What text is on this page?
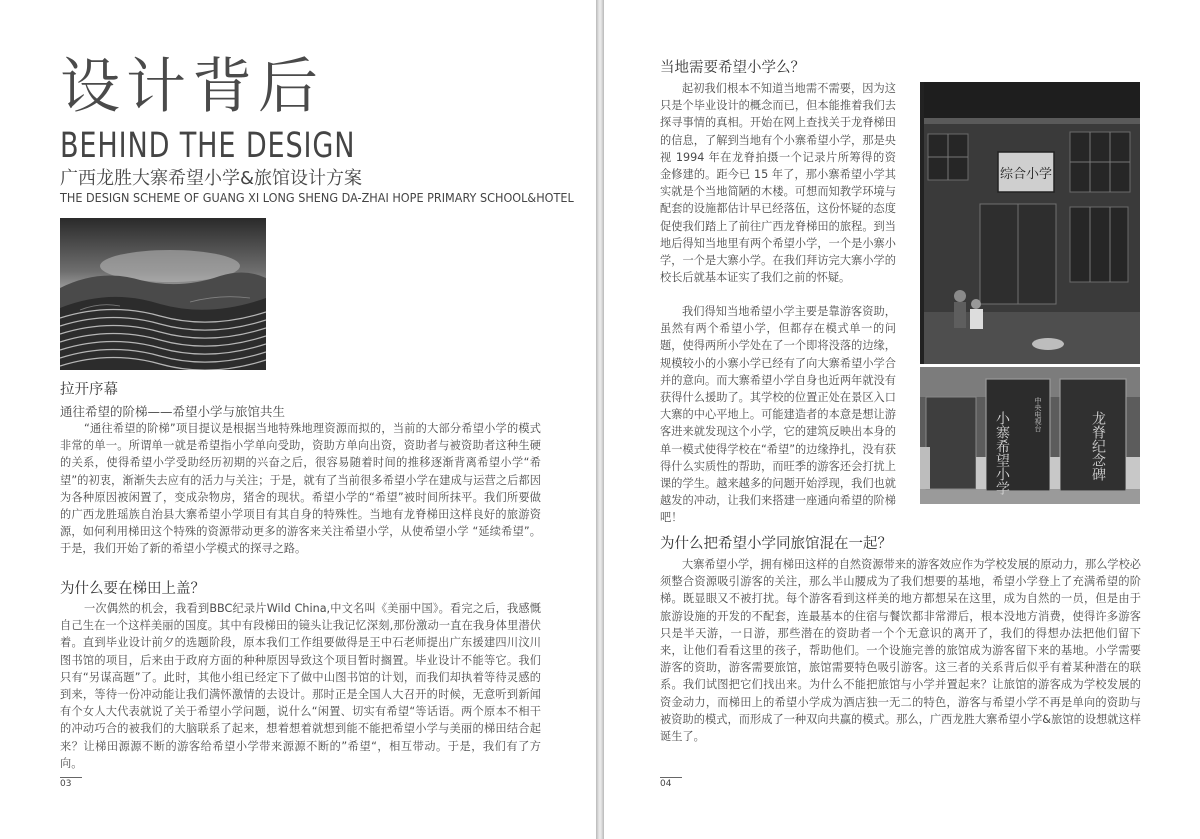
设计背后
BEHIND THE DESIGN
广西龙胜大寨希望小学&旅馆设计方案
THE DESIGN SCHEME OF GUANG XI LONG SHENG DA-ZHAI HOPE PRIMARY SCHOOL&HOTEL
拉开序幕
通往希望的阶梯——希望小学与旅馆共生

“通往希望的阶梯”项目提议是根据当地特殊地理资源而拟的，当前的大部分希望小学的模式非常的单一。所谓单一就是希望指小学单向受助，资助方单向出资，资助者与被资助者这种生硬的关系，使得希望小学受助经历初期的兴奋之后，很容易随着时间的推移逐渐背离希望小学“希望”的初衷，渐渐失去应有的活力与关注；于是，就有了当前很多希望小学在建成与运营之后都因为各种原因被闲置了，变成杂物房，猪舍的现状。希望小学的“希望”被时间所抹平。我们所要做的广西龙胜瑶族自治县大寨希望小学项目有其自身的特殊性。当地有龙脊梯田这样良好的旅游资源，如何利用梯田这个特殊的资源带动更多的游客来关注希望小学，从使希望小学 “延续希望”。于是，我们开始了新的希望小学模式的探寻之路。

为什么要在梯田上盖？

一次偶然的机会，我看到BBC纪录片Wild China,中文名叫《美丽中国》。看完之后，我感慨自己生在一个这样美丽的国度。其中有段梯田的镜头让我记忆深刻,那份激动一直在我身体里潜伏着。直到毕业设计前夕的选题阶段，原本我们工作组要做得是王中石老师提出广东援建四川汶川图书馆的项目，后来由于政府方面的种种原因导致这个项目暂时搁置。毕业设计不能等它。我们只有“另谋高题”了。此时，其他小组已经定下了做中山图书馆的计划，而我们却执着等待灵感的到来，等待一份冲动能让我们满怀激情的去设计。那时正是全国人大召开的时候，无意听到新闻有个女人大代表就说了关于希望小学问题，说什么“闲置、切实有希望“等话语。两个原本不相干的冲动巧合的被我们的大脑联系了起来，想着想着就想到能不能把希望小学与美丽的梯田结合起来？让梯田源源不断的游客给希望小学带来源源不断的”希望“，相互带动。于是，我们有了方向。

03
当地需要希望小学么？

起初我们根本不知道当地需不需要，因为这只是个毕业设计的概念而已，但本能推着我们去探寻事情的真相。开始在网上查找关于龙脊梯田的信息，了解到当地有个小寨希望小学，那是央视 1994 年在龙脊拍摄一个记录片所筹得的资金修建的。距今已 15 年了，那小寨希望小学其实就是个当地简陋的木楼。可想而知教学环境与配套的设施都估计早已经落伍，这份怀疑的态度促使我们踏上了前往广西龙脊梯田的旅程。到当地后得知当地里有两个希望小学，一个是小寨小学，一个是大寨小学。在我们拜访完大寨小学的校长后就基本证实了我们之前的怀疑。

我们得知当地希望小学主要是靠游客资助，虽然有两个希望小学，但都存在模式单一的问题，使得两所小学处在了一个即将没落的边缘，规模较小的小寨小学已经有了向大寨希望小学合并的意向。而大寨希望小学自身也近两年就没有获得什么援助了。其学校的位置正处在景区入口大寨的中心平地上。可能建造者的本意是想让游客进来就发现这个小学，它的建筑反映出本身的单一模式使得学校在“希望”的边缘挣扎，没有获得什么实质性的帮助，而旺季的游客还会打扰上课的学生。越来越多的问题开始浮现，我们也就越发的冲动，让我们来搭建一座通向希望的阶梯吧！

综合小学
小寨希望小学	中央电视台	龙脊纪念碑
为什么把希望小学同旅馆混在一起？

大寨希望小学，拥有梯田这样的自然资源带来的游客效应作为学校发展的原动力，那么学校必须整合资源吸引游客的关注，那么半山腰成为了我们想要的基地，希望小学登上了充满希望的阶梯。既显眼又不被打扰。每个游客看到这样美的地方都想呆在这里，成为自然的一员，但是由于旅游设施的开发的不配套，连最基本的住宿与餐饮都非常滞后，根本没地方消费，使得许多游客只是半天游，一日游，那些潜在的资助者一个个无意识的离开了，我们的得想办法把他们留下来，让他们看看这里的孩子，帮助他们。一个设施完善的旅馆成为游客留下来的基地。小学需要游客的资助，游客需要旅馆，旅馆需要特色吸引游客。这三者的关系背后似乎有着某种潜在的联系。我们试图把它们找出来。为什么不能把旅馆与小学并置起来？让旅馆的游客成为学校发展的资金动力，而梯田上的希望小学成为酒店独一无二的特色，游客与希望小学不再是单向的资助与被资助的模式，而形成了一种双向共赢的模式。那么，广西龙胜大寨希望小学&旅馆的设想就这样诞生了。

04
